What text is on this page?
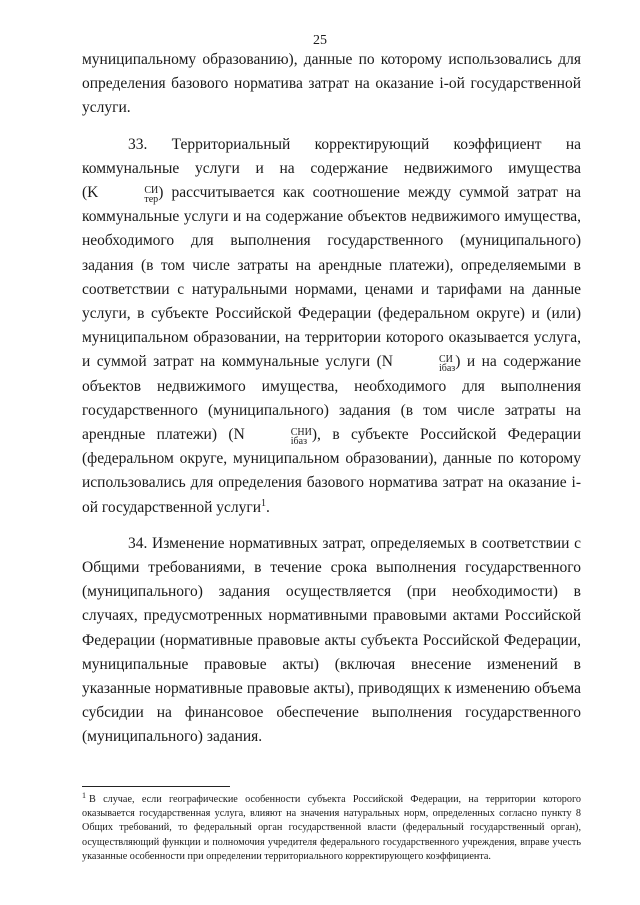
25

муниципальному образованию), данные по которому использовались для определения базового норматива затрат на оказание i-ой государственной услуги.

33. Территориальный корректирующий коэффициент на коммунальные услуги и на содержание недвижимого имущества (K	СИ
тер ) рассчитывается как соотношение между суммой затрат на коммунальные услуги и на содержание объектов недвижимого имущества, необходимого для выполнения государственного (муниципального) задания (в том числе затраты на арендные платежи), определяемыми в соответствии с натуральными нормами, ценами и тарифами на данные услуги, в субъекте Российской Федерации (федеральном округе) и (или) муниципальном образовании, на территории которого оказывается услуга, и суммой затрат на коммунальные услуги (N	СИ
iбаз ) и на содержание объектов недвижимого имущества, необходимого для выполнения государственного (муниципального) задания (в том числе затраты на арендные платежи) (N	СНИ
iбаз ), в субъекте Российской Федерации (федеральном округе, муниципальном образовании), данные по которому использовались для определения базового норматива затрат на оказание i-ой государственной услуги$^1$.

34. Изменение нормативных затрат, определяемых в соответствии с Общими требованиями, в течение срока выполнения государственного (муниципального) задания осуществляется (при необходимости) в случаях, предусмотренных нормативными правовыми актами Российской Федерации (нормативные правовые акты субъекта Российской Федерации, муниципальные правовые акты) (включая внесение изменений в указанные нормативные правовые акты), приводящих к изменению объема субсидии на финансовое обеспечение выполнения государственного (муниципального) задания.

$^1$ В случае, если географические особенности субъекта Российской Федерации, на территории которого оказывается государственная услуга, влияют на значения натуральных норм, определенных согласно пункту 8 Общих требований, то федеральный орган государственной власти (федеральный государственный орган), осуществляющий функции и полномочия учредителя федерального государственного учреждения, вправе учесть указанные особенности при определении территориального корректирующего коэффициента.
